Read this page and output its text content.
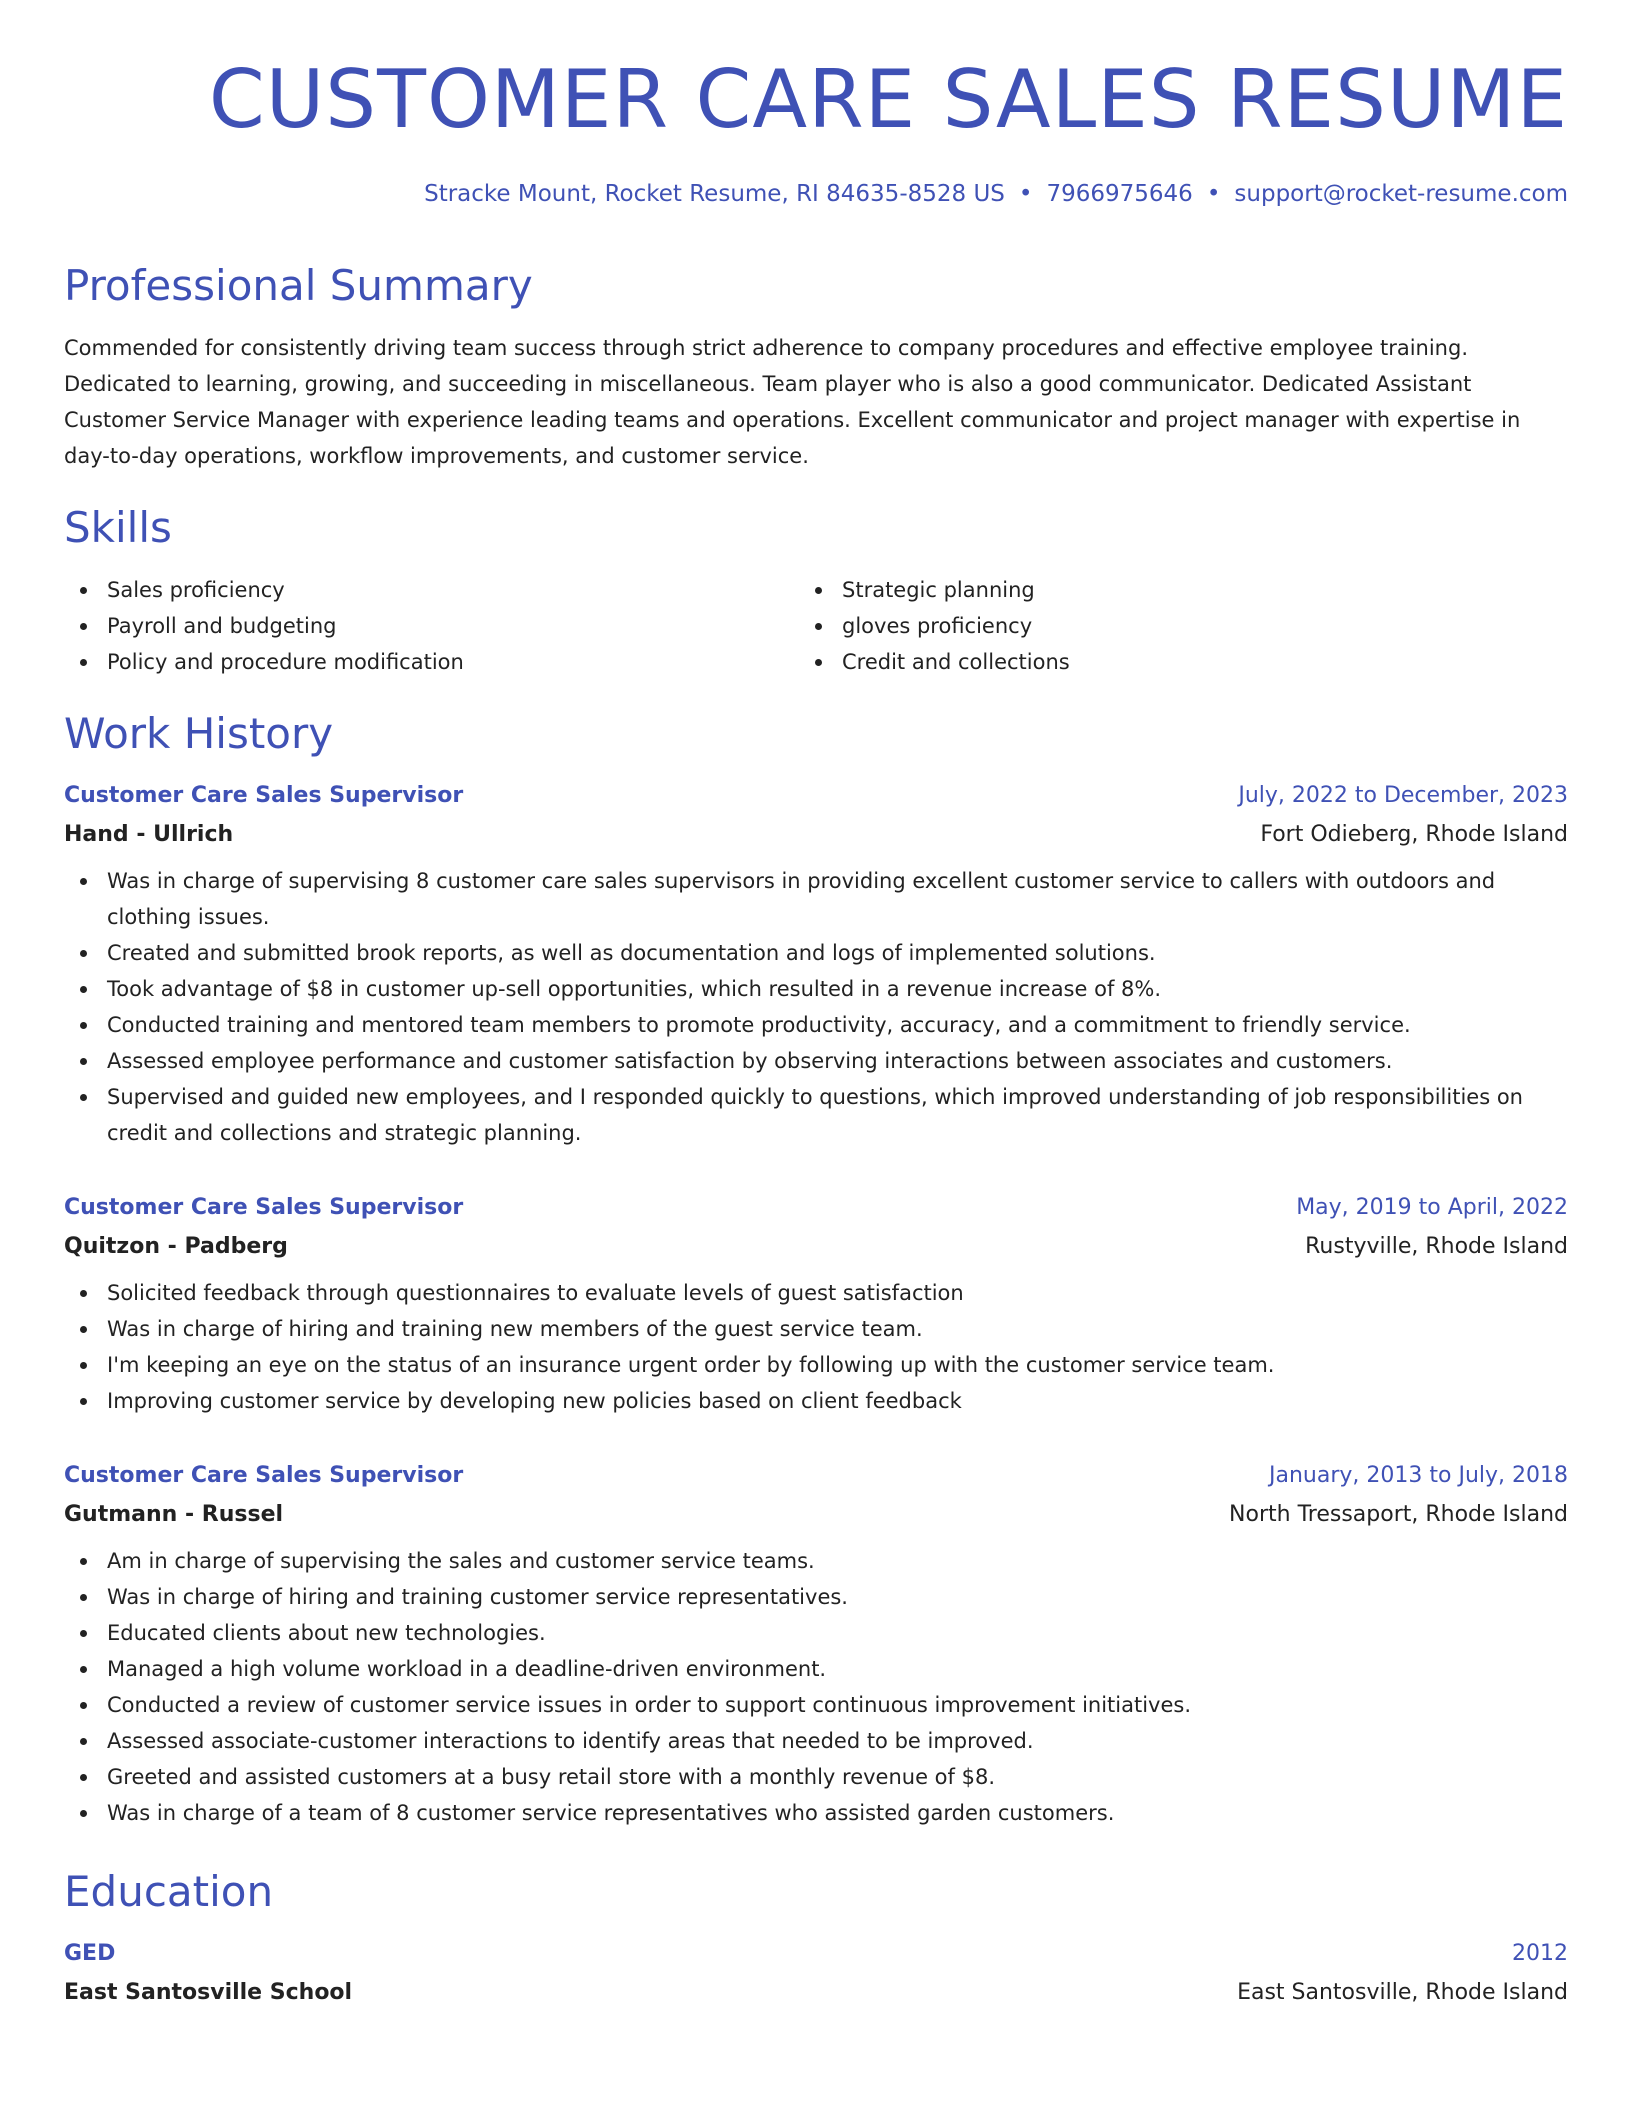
CUSTOMER CARE SALES RESUME
Stracke Mount, Rocket Resume, RI 84635-8528 US • 7966975646 • support@rocket-resume.com
Professional Summary

Commended for consistently driving team success through strict adherence to company procedures and effective employee training. Dedicated to learning, growing, and succeeding in miscellaneous. Team player who is also a good communicator. Dedicated Assistant Customer Service Manager with experience leading teams and operations. Excellent communicator and project manager with expertise in day-to-day operations, workflow improvements, and customer service.

Skills
Sales proficiency
Payroll and budgeting
Policy and procedure modification
Strategic planning
gloves proficiency
Credit and collections
Work History
Customer Care Sales Supervisor	July, 2022 to December, 2023
Hand - Ullrich	Fort Odieberg, Rhode Island
Was in charge of supervising 8 customer care sales supervisors in providing excellent customer service to callers with outdoors and clothing issues.
Created and submitted brook reports, as well as documentation and logs of implemented solutions.
Took advantage of $8 in customer up-sell opportunities, which resulted in a revenue increase of 8%.
Conducted training and mentored team members to promote productivity, accuracy, and a commitment to friendly service.
Assessed employee performance and customer satisfaction by observing interactions between associates and customers.
Supervised and guided new employees, and I responded quickly to questions, which improved understanding of job responsibilities on credit and collections and strategic planning.
Customer Care Sales Supervisor	May, 2019 to April, 2022
Quitzon - Padberg	Rustyville, Rhode Island
Solicited feedback through questionnaires to evaluate levels of guest satisfaction
Was in charge of hiring and training new members of the guest service team.
I'm keeping an eye on the status of an insurance urgent order by following up with the customer service team.
Improving customer service by developing new policies based on client feedback
Customer Care Sales Supervisor	January, 2013 to July, 2018
Gutmann - Russel	North Tressaport, Rhode Island
Am in charge of supervising the sales and customer service teams.
Was in charge of hiring and training customer service representatives.
Educated clients about new technologies.
Managed a high volume workload in a deadline-driven environment.
Conducted a review of customer service issues in order to support continuous improvement initiatives.
Assessed associate-customer interactions to identify areas that needed to be improved.
Greeted and assisted customers at a busy retail store with a monthly revenue of $8.
Was in charge of a team of 8 customer service representatives who assisted garden customers.
Education
GED	2012
East Santosville School	East Santosville, Rhode Island
